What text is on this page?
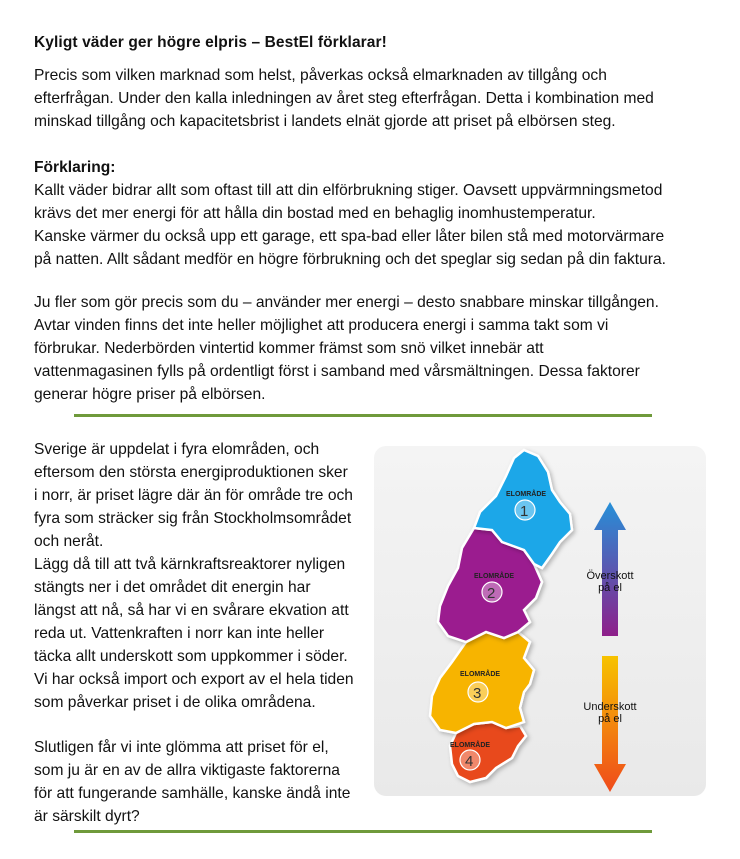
Kyligt väder ger högre elpris – BestEl förklarar!
Precis som vilken marknad som helst, påverkas också elmarknaden av tillgång och
efterfrågan. Under den kalla inledningen av året steg efterfrågan. Detta i kombination med
minskad tillgång och kapacitetsbrist i landets elnät gjorde att priset på elbörsen steg.
Förklaring:
Kallt väder bidrar allt som oftast till att din elförbrukning stiger. Oavsett uppvärmningsmetod
krävs det mer energi för att hålla din bostad med en behaglig inomhustemperatur.
Kanske värmer du också upp ett garage, ett spa-bad eller låter bilen stå med motorvärmare
på natten. Allt sådant medför en högre förbrukning och det speglar sig sedan på din faktura.
Ju fler som gör precis som du – använder mer energi – desto snabbare minskar tillgången.
Avtar vinden finns det inte heller möjlighet att producera energi i samma takt som vi
förbrukar. Nederbörden vintertid kommer främst som snö vilket innebär att
vattenmagasinen fylls på ordentligt först i samband med vårsmältningen. Dessa faktorer
generar högre priser på elbörsen.
Sverige är uppdelat i fyra elområden, och
eftersom den största energiproduktionen sker
i norr, är priset lägre där än för område tre och
fyra som sträcker sig från Stockholmsområdet
och neråt.
Lägg då till att två kärnkraftsreaktorer nyligen
stängts ner i det området dit energin har
längst att nå, så har vi en svårare ekvation att
reda ut. Vattenkraften i norr kan inte heller
täcka allt underskott som uppkommer i söder.
Vi har också import och export av el hela tiden
som påverkar priset i de olika områdena.
Slutligen får vi inte glömma att priset för el,
som ju är en av de allra viktigaste faktorerna
för att fungerande samhälle, kanske ändå inte
är särskilt dyrt?
ELOMRÅDE
1
ELOMRÅDE
2
ELOMRÅDE
3
ELOMRÅDE
4
Överskott
på el
Underskott
på el
